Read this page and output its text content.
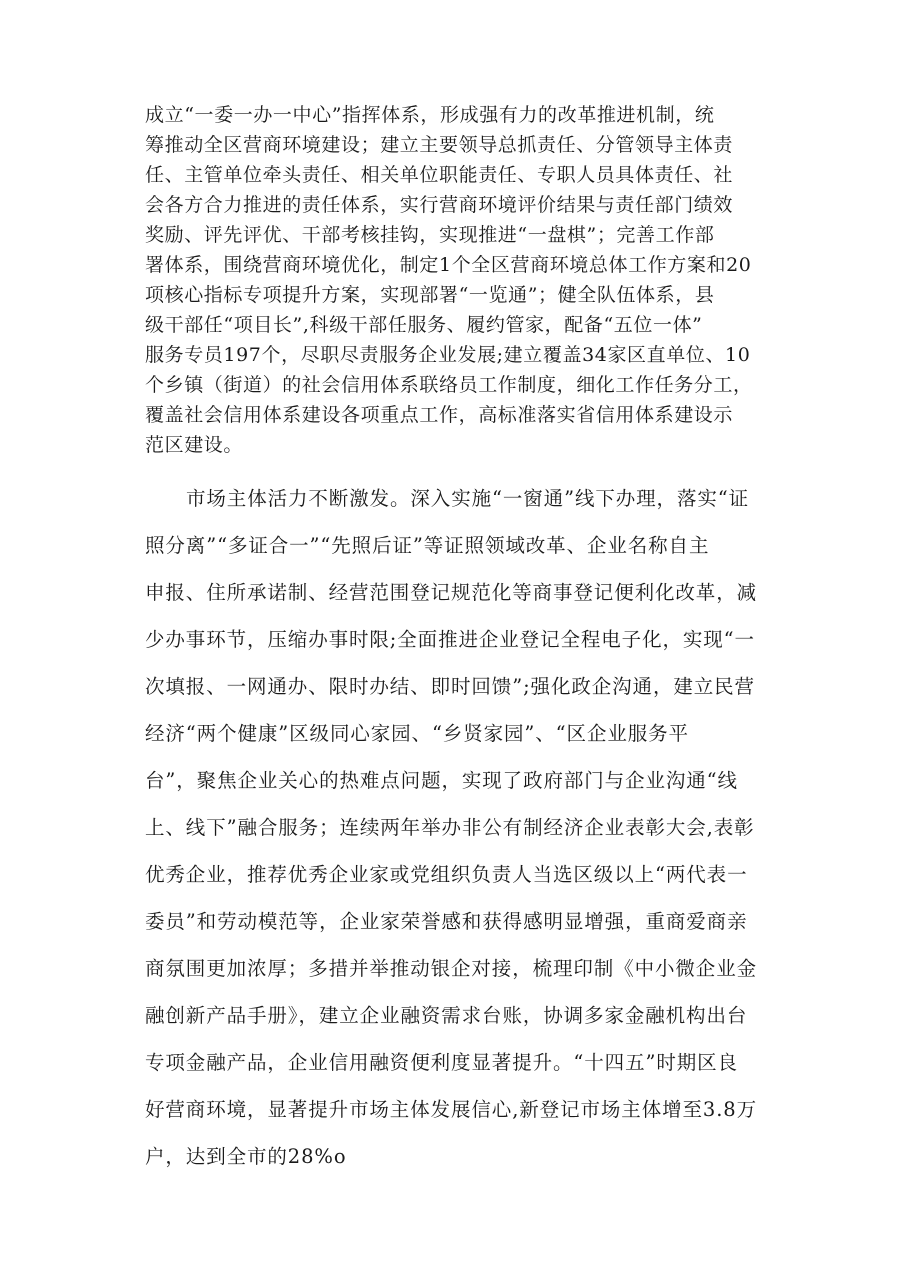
成立“一委一办一中心”指挥体系，形成强有力的改革推进机制，统

筹推动全区营商环境建设；建立主要领导总抓责任、分管领导主体责

任、主管单位牵头责任、相关单位职能责任、专职人员具体责任、社

会各方合力推进的责任体系，实行营商环境评价结果与责任部门绩效

奖励、评先评优、干部考核挂钩，实现推进“一盘棋”；完善工作部

署体系，围绕营商环境优化，制定1个全区营商环境总体工作方案和20

项核心指标专项提升方案，实现部署“一览通”；健全队伍体系，县

级干部任“项目长”,科级干部任服务、履约管家，配备“五位一体”

服务专员197个，尽职尽责服务企业发展;建立覆盖34家区直单位、10

个乡镇（街道）的社会信用体系联络员工作制度，细化工作任务分工，

覆盖社会信用体系建设各项重点工作，高标准落实省信用体系建设示

范区建设。

市场主体活力不断激发。深入实施“一窗通”线下办理，落实“证

照分离”“多证合一”“先照后证”等证照领域改革、企业名称自主

申报、住所承诺制、经营范围登记规范化等商事登记便利化改革，减

少办事环节，压缩办事时限;全面推进企业登记全程电子化，实现“一

次填报、一网通办、限时办结、即时回馈”;强化政企沟通，建立民营

经济“两个健康”区级同心家园、“乡贤家园”、“区企业服务平

台”，聚焦企业关心的热难点问题，实现了政府部门与企业沟通“线

上、线下”融合服务；连续两年举办非公有制经济企业表彰大会,表彰

优秀企业，推荐优秀企业家或党组织负责人当选区级以上“两代表一

委员”和劳动模范等，企业家荣誉感和获得感明显增强，重商爱商亲

商氛围更加浓厚；多措并举推动银企对接，梳理印制《中小微企业金

融创新产品手册》，建立企业融资需求台账，协调多家金融机构出台

专项金融产品，企业信用融资便利度显著提升。“十四五”时期区良

好营商环境，显著提升市场主体发展信心,新登记市场主体增至3.8万

户，达到全市的28%o
